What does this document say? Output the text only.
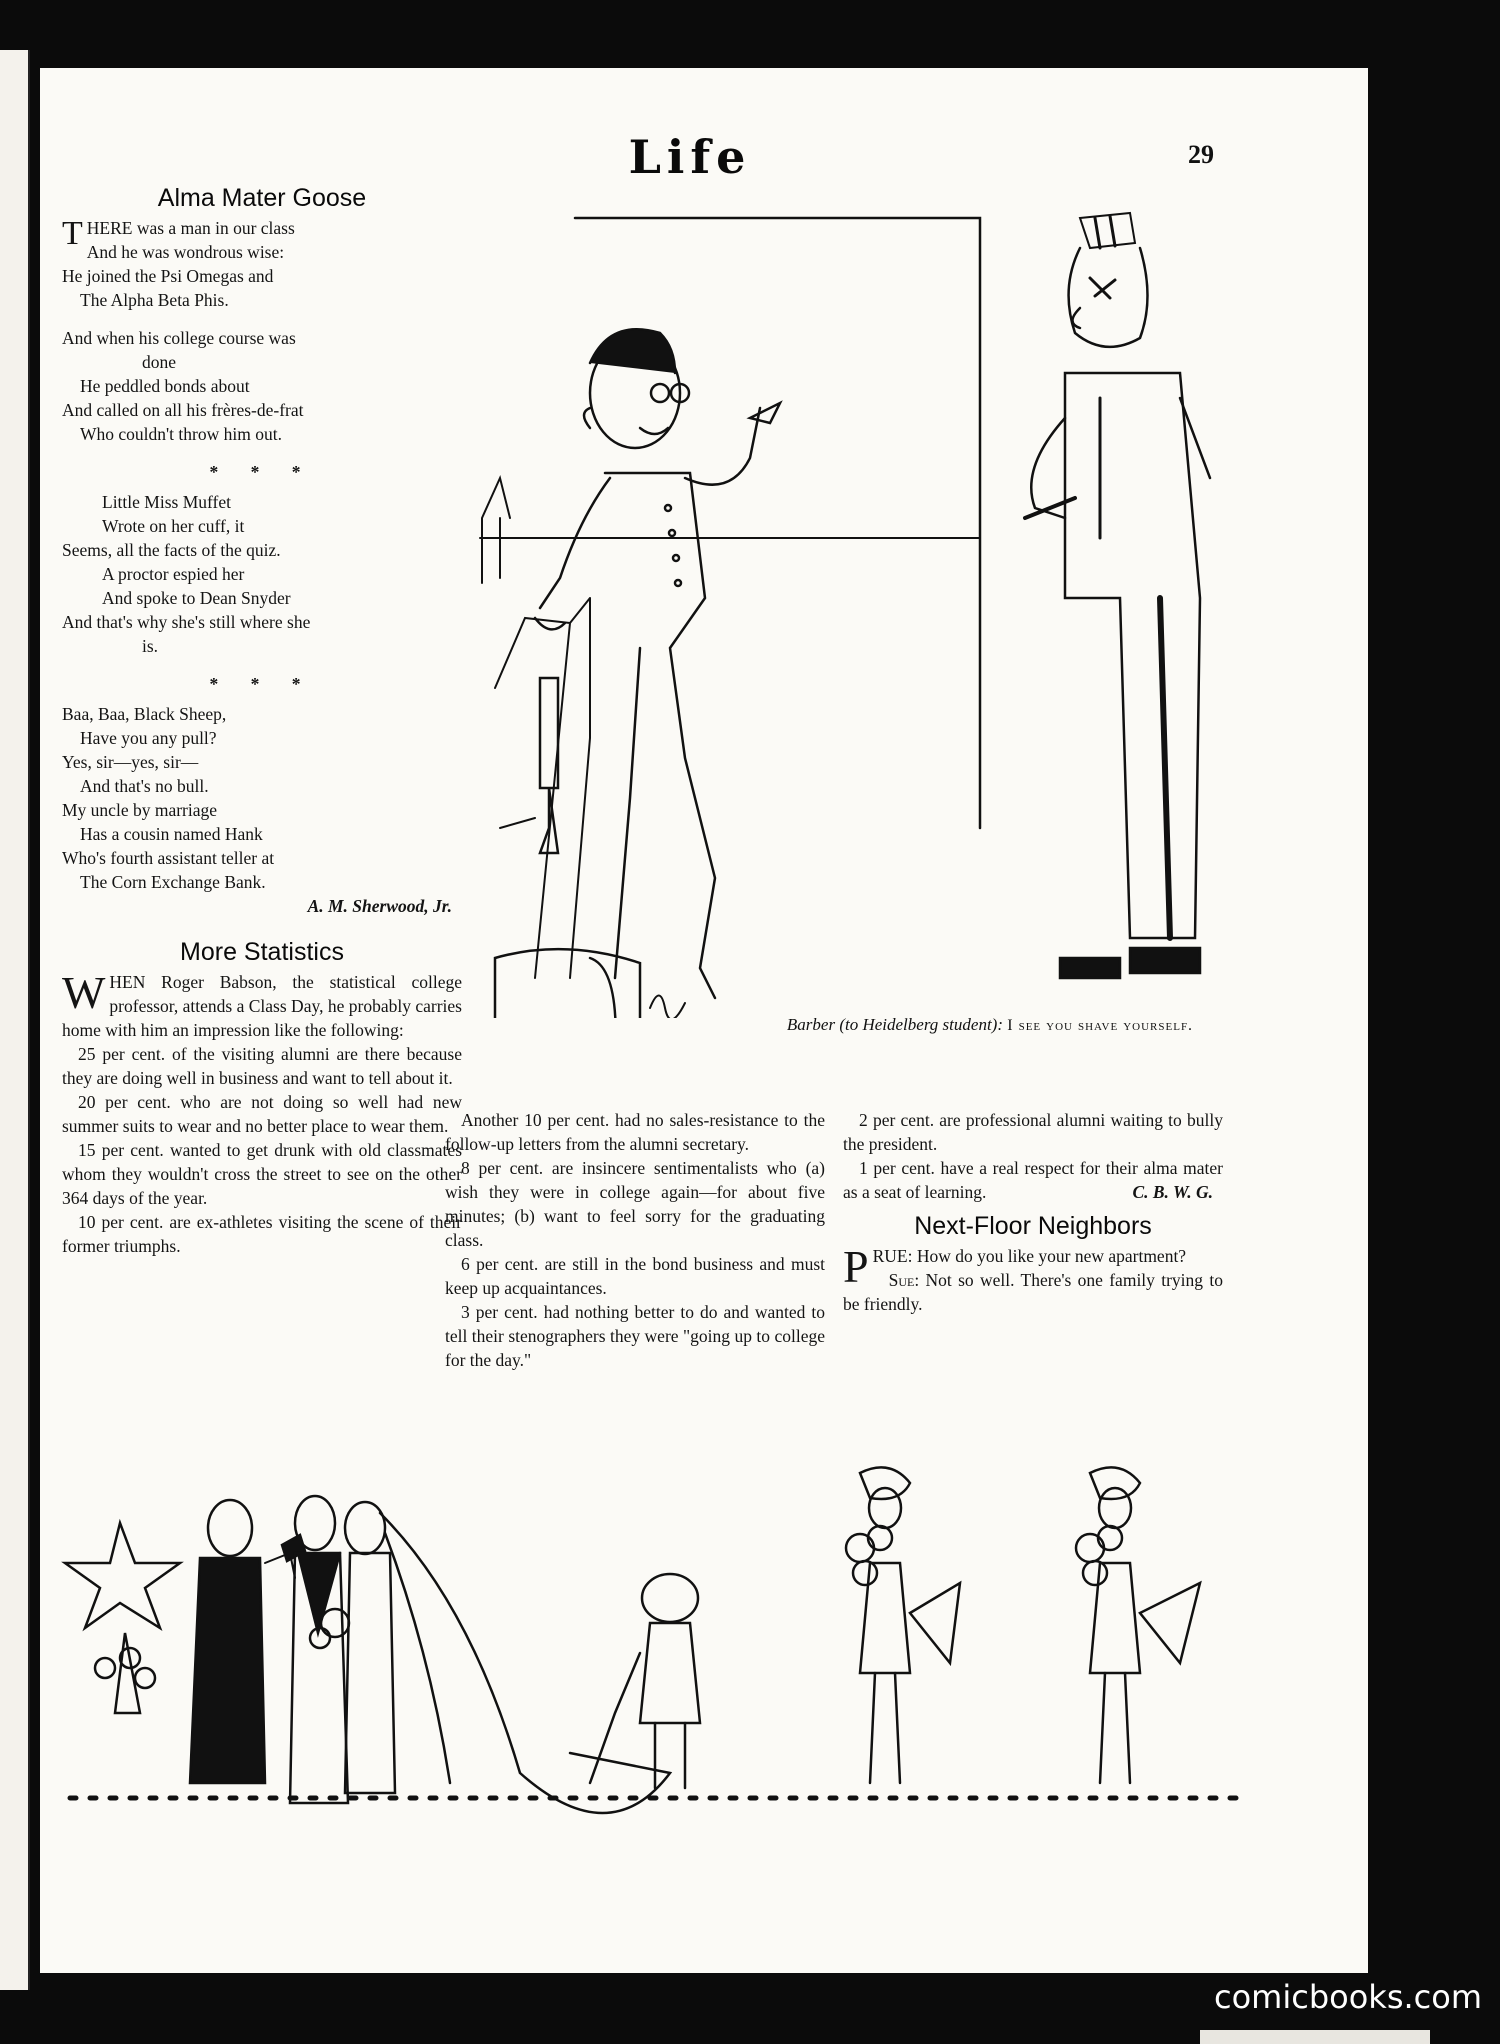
Life	29
Alma Mater Goose

THERE was a man in our class

And he was wondrous wise:

He joined the Psi Omegas and

The Alpha Beta Phis.

And when his college course was

done

He peddled bonds about

And called on all his frères-de-frat

Who couldn't throw him out.

* * *

Little Miss Muffet

Wrote on her cuff, it

Seems, all the facts of the quiz.

A proctor espied her

And spoke to Dean Snyder

And that's why she's still where she

is.

* * *

Baa, Baa, Black Sheep,

Have you any pull?

Yes, sir—yes, sir—

And that's no bull.

My uncle by marriage

Has a cousin named Hank

Who's fourth assistant teller at

The Corn Exchange Bank.

A. M. Sherwood, Jr.

More Statistics

WHEN Roger Babson, the statistical college professor, attends a Class Day, he probably carries home with him an impression like the following:

25 per cent. of the visiting alumni are there because they are doing well in business and want to tell about it.

20 per cent. who are not doing so well had new summer suits to wear and no better place to wear them.

15 per cent. wanted to get drunk with old classmates whom they wouldn't cross the street to see on the other 364 days of the year.

10 per cent. are ex-athletes visiting the scene of their former triumphs.

Another 10 per cent. had no sales-resistance to the follow-up letters from the alumni secretary.

8 per cent. are insincere sentimentalists who (a) wish they were in college again—for about five minutes; (b) want to feel sorry for the graduating class.

6 per cent. are still in the bond business and must keep up acquaintances.

3 per cent. had nothing better to do and wanted to tell their stenographers they were "going up to college for the day."

2 per cent. are professional alumni waiting to bully the president.

1 per cent. have a real respect for their alma mater as a seat of learning.	C. B. W. G.

Next-Floor Neighbors

PRUE: How do you like your new apartment?

Sue: Not so well. There's one family trying to be friendly.

Barber (to Heidelberg student): I see you shave yourself.
comicbooks.com
